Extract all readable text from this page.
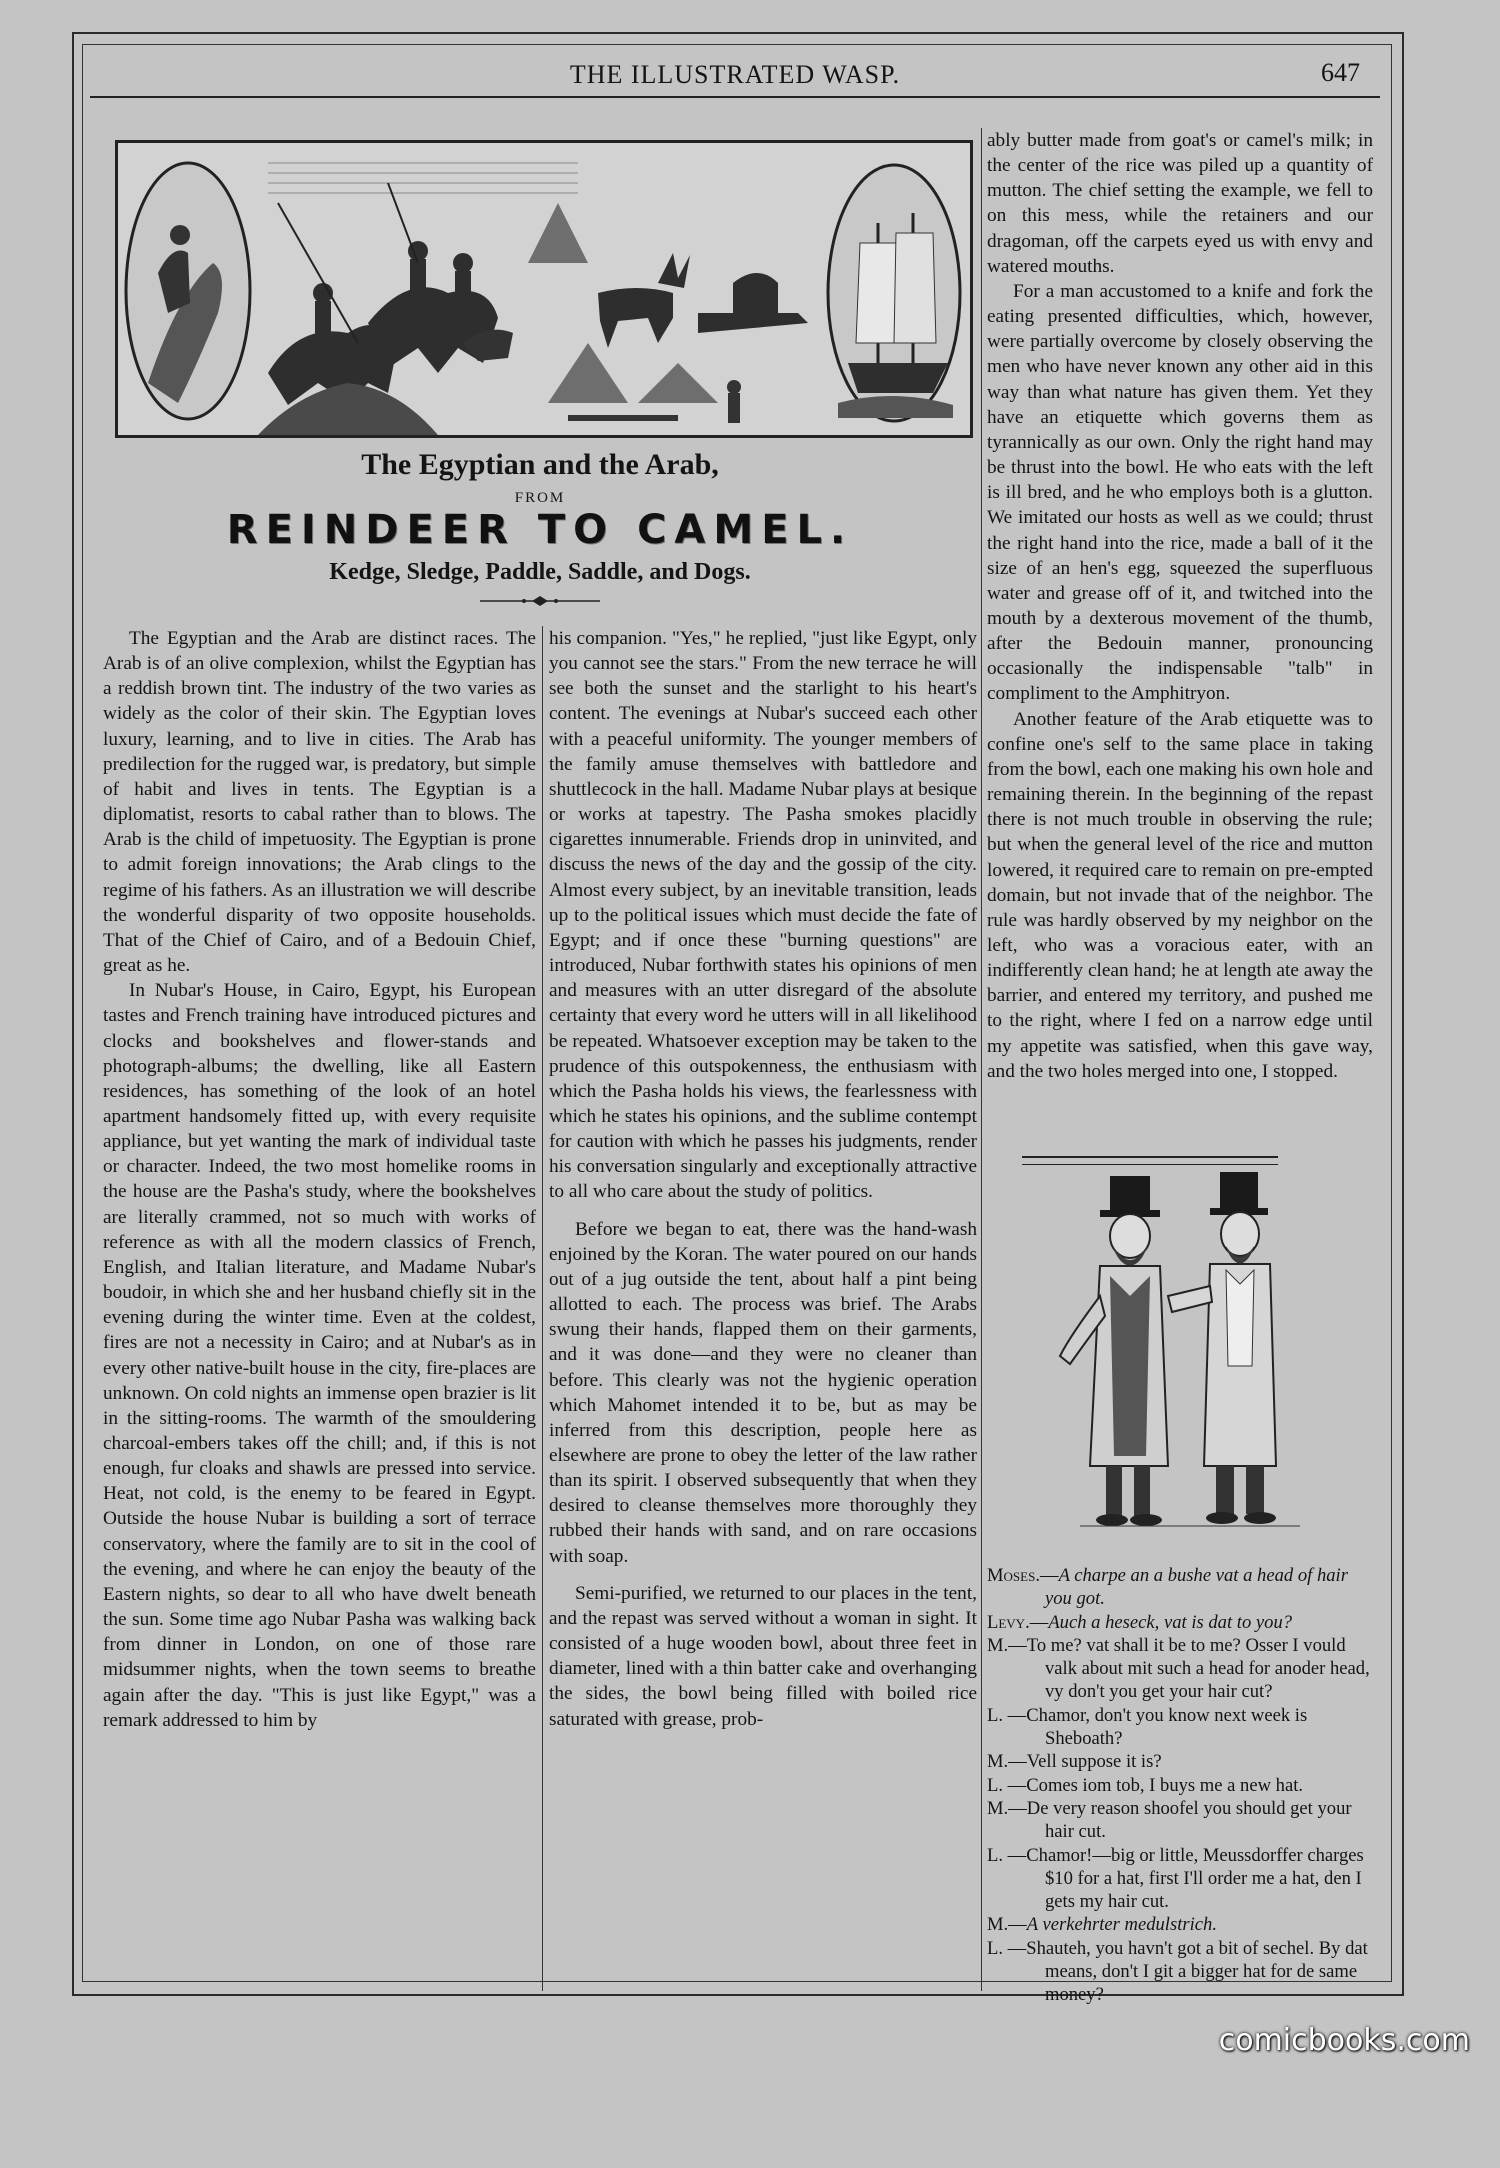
THE ILLUSTRATED WASP.	647
The Egyptian and the Arab,
FROM
REINDEER TO CAMEL.
Kedge, Sledge, Paddle, Saddle, and Dogs.

The Egyptian and the Arab are distinct races. The Arab is of an olive complexion, whilst the Egyptian has a reddish brown tint. The industry of the two varies as widely as the color of their skin. The Egyptian loves luxury, learning, and to live in cities. The Arab has predilection for the rugged war, is predatory, but simple of habit and lives in tents. The Egyptian is a diplomatist, resorts to cabal rather than to blows. The Arab is the child of impetuosity. The Egyptian is prone to admit foreign innovations; the Arab clings to the regime of his fathers. As an illustration we will describe the wonderful disparity of two opposite households. That of the Chief of Cairo, and of a Bedouin Chief, great as he.

In Nubar's House, in Cairo, Egypt, his European tastes and French training have introduced pictures and clocks and bookshelves and flower-stands and photograph-albums; the dwelling, like all Eastern residences, has something of the look of an hotel apartment handsomely fitted up, with every requisite appliance, but yet wanting the mark of individual taste or character. Indeed, the two most homelike rooms in the house are the Pasha's study, where the bookshelves are literally crammed, not so much with works of reference as with all the modern classics of French, English, and Italian literature, and Madame Nubar's boudoir, in which she and her husband chiefly sit in the evening during the winter time. Even at the coldest, fires are not a necessity in Cairo; and at Nubar's as in every other native-built house in the city, fire-places are unknown. On cold nights an immense open brazier is lit in the sitting-rooms. The warmth of the smouldering charcoal-embers takes off the chill; and, if this is not enough, fur cloaks and shawls are pressed into service. Heat, not cold, is the enemy to be feared in Egypt. Outside the house Nubar is building a sort of terrace conservatory, where the family are to sit in the cool of the evening, and where he can enjoy the beauty of the Eastern nights, so dear to all who have dwelt beneath the sun. Some time ago Nubar Pasha was walking back from dinner in London, on one of those rare midsummer nights, when the town seems to breathe again after the day. "This is just like Egypt," was a remark addressed to him by

his companion. "Yes," he replied, "just like Egypt, only you cannot see the stars." From the new terrace he will see both the sunset and the starlight to his heart's content. The evenings at Nubar's succeed each other with a peaceful uniformity. The younger members of the family amuse themselves with battledore and shuttlecock in the hall. Madame Nubar plays at besique or works at tapestry. The Pasha smokes placidly cigarettes innumerable. Friends drop in uninvited, and discuss the news of the day and the gossip of the city. Almost every subject, by an inevitable transition, leads up to the political issues which must decide the fate of Egypt; and if once these "burning questions" are introduced, Nubar forthwith states his opinions of men and measures with an utter disregard of the absolute certainty that every word he utters will in all likelihood be repeated. Whatsoever exception may be taken to the prudence of this outspokenness, the enthusiasm with which the Pasha holds his views, the fearlessness with which he states his opinions, and the sublime contempt for caution with which he passes his judgments, render his conversation singularly and exceptionally attractive to all who care about the study of politics.

Before we began to eat, there was the hand-wash enjoined by the Koran. The water poured on our hands out of a jug outside the tent, about half a pint being allotted to each. The process was brief. The Arabs swung their hands, flapped them on their garments, and it was done—and they were no cleaner than before. This clearly was not the hygienic operation which Mahomet intended it to be, but as may be inferred from this description, people here as elsewhere are prone to obey the letter of the law rather than its spirit. I observed subsequently that when they desired to cleanse themselves more thoroughly they rubbed their hands with sand, and on rare occasions with soap.

Semi-purified, we returned to our places in the tent, and the repast was served without a woman in sight. It consisted of a huge wooden bowl, about three feet in diameter, lined with a thin batter cake and overhanging the sides, the bowl being filled with boiled rice saturated with grease, prob-

ably butter made from goat's or camel's milk; in the center of the rice was piled up a quantity of mutton. The chief setting the example, we fell to on this mess, while the retainers and our dragoman, off the carpets eyed us with envy and watered mouths.

For a man accustomed to a knife and fork the eating presented difficulties, which, however, were partially overcome by closely observing the men who have never known any other aid in this way than what nature has given them. Yet they have an etiquette which governs them as tyrannically as our own. Only the right hand may be thrust into the bowl. He who eats with the left is ill bred, and he who employs both is a glutton. We imitated our hosts as well as we could; thrust the right hand into the rice, made a ball of it the size of an hen's egg, squeezed the superfluous water and grease off of it, and twitched into the mouth by a dexterous movement of the thumb, after the Bedouin manner, pronouncing occasionally the indispensable "talb" in compliment to the Amphitryon.

Another feature of the Arab etiquette was to confine one's self to the same place in taking from the bowl, each one making his own hole and remaining therein. In the beginning of the repast there is not much trouble in observing the rule; but when the general level of the rice and mutton lowered, it required care to remain on pre-empted domain, but not invade that of the neighbor. The rule was hardly observed by my neighbor on the left, who was a voracious eater, with an indifferently clean hand; he at length ate away the barrier, and entered my territory, and pushed me to the right, where I fed on a narrow edge until my appetite was satisfied, when this gave way, and the two holes merged into one, I stopped.

Moses.—A charpe an a bushe vat a head of hair you got.

Levy.—Auch a heseck, vat is dat to you?

M.—To me? vat shall it be to me? Osser I vould valk about mit such a head for anoder head, vy don't you get your hair cut?

L. —Chamor, don't you know next week is Sheboath?

M.—Vell suppose it is?

L. —Comes iom tob, I buys me a new hat.

M.—De very reason shoofel you should get your hair cut.

L. —Chamor!—big or little, Meussdorffer charges $10 for a hat, first I'll order me a hat, den I gets my hair cut.

M.—A verkehrter medulstrich.

L. —Shauteh, you havn't got a bit of sechel. By dat means, don't I git a bigger hat for de same money?

comicbooks.com
